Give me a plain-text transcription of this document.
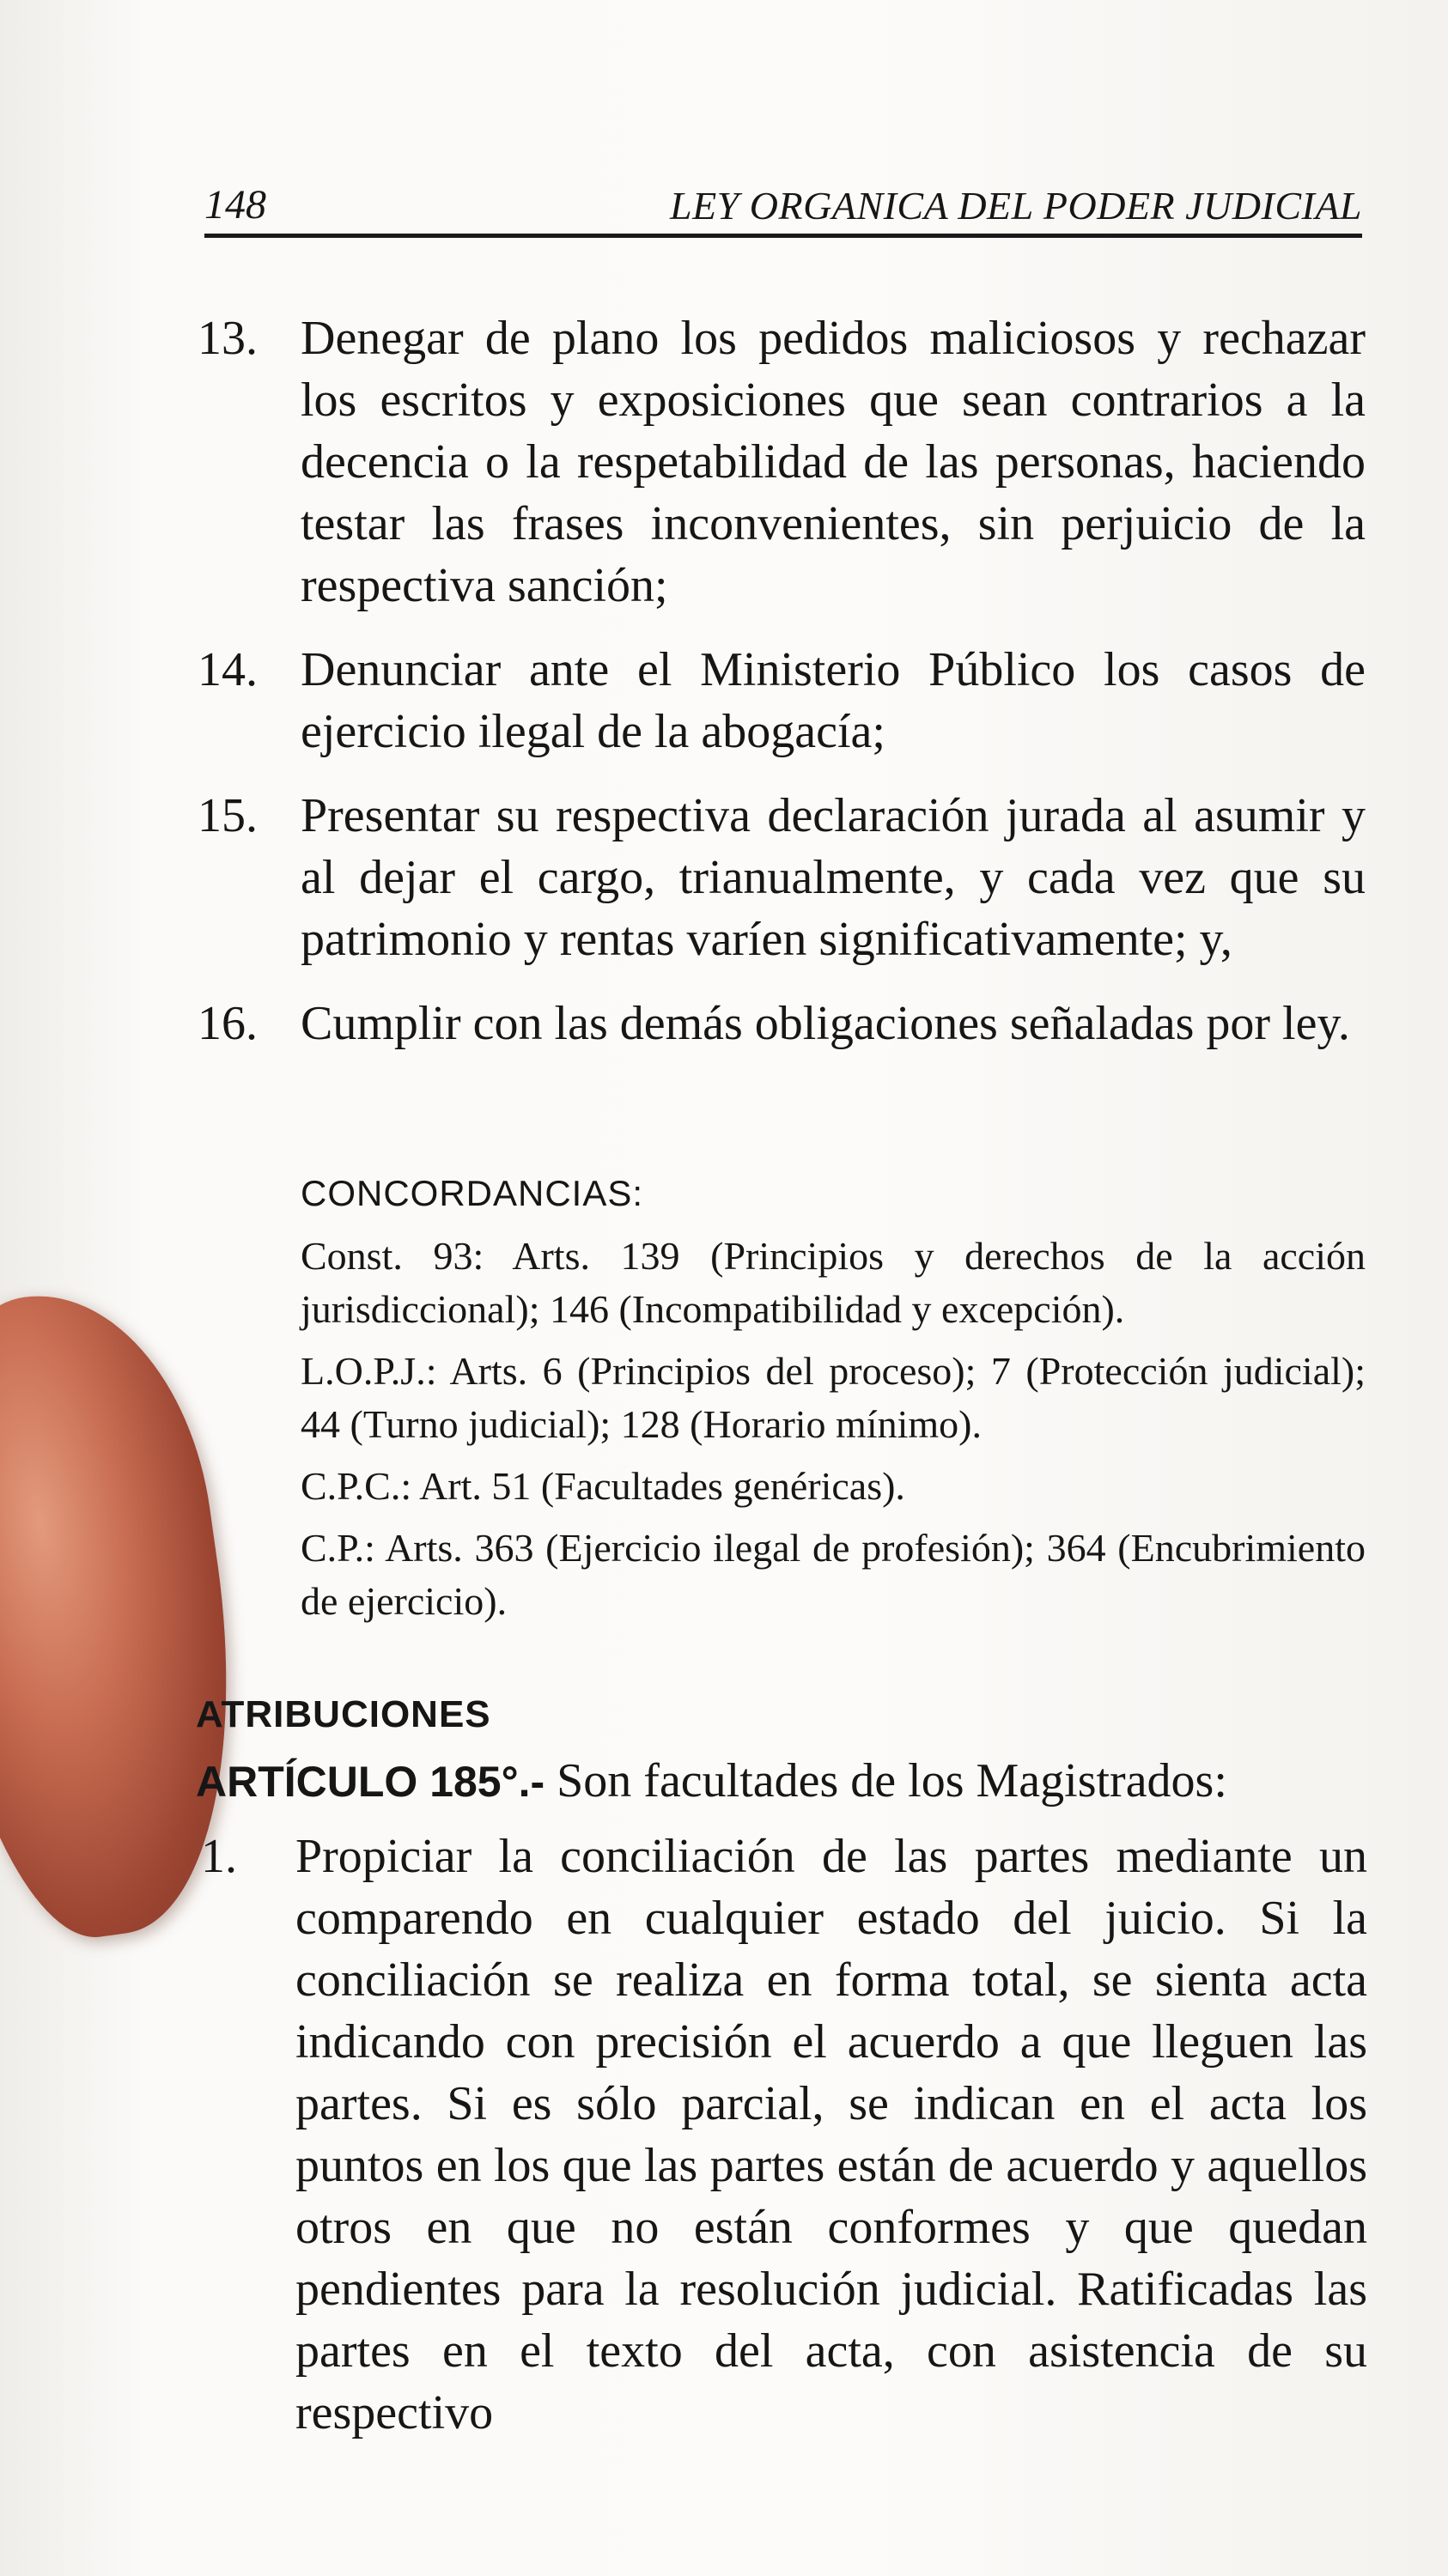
148	LEY ORGANICA DEL PODER JUDICIAL
13. Denegar de plano los pedidos maliciosos y rechazar los escritos y exposiciones que sean contrarios a la decencia o la respetabilidad de las personas, haciendo testar las frases inconvenientes, sin perjuicio de la respectiva sanción;
14. Denunciar ante el Ministerio Público los casos de ejercicio ilegal de la abogacía;
15. Presentar su respectiva declaración jurada al asumir y al dejar el cargo, trianualmente, y cada vez que su patrimonio y rentas varíen significativamente; y,
16. Cumplir con las demás obligaciones señaladas por ley.
CONCORDANCIAS:
Const. 93: Arts. 139 (Principios y derechos de la acción jurisdiccional); 146 (Incompatibilidad y excepción).
L.O.P.J.: Arts. 6 (Principios del proceso); 7 (Protección judicial); 44 (Turno judicial); 128 (Horario mínimo).
C.P.C.: Art. 51 (Facultades genéricas).
C.P.: Arts. 363 (Ejercicio ilegal de profesión); 364 (Encubrimiento de ejercicio).
ATRIBUCIONES
ARTÍCULO 185°.- Son facultades de los Magistrados:
1. Propiciar la conciliación de las partes mediante un comparendo en cualquier estado del juicio. Si la conciliación se realiza en forma total, se sienta acta indicando con precisión el acuerdo a que lleguen las partes. Si es sólo parcial, se indican en el acta los puntos en los que las partes están de acuerdo y aquellos otros en que no están conformes y que quedan pendientes para la resolución judicial. Ratificadas las partes en el texto del acta, con asistencia de su respectivo
